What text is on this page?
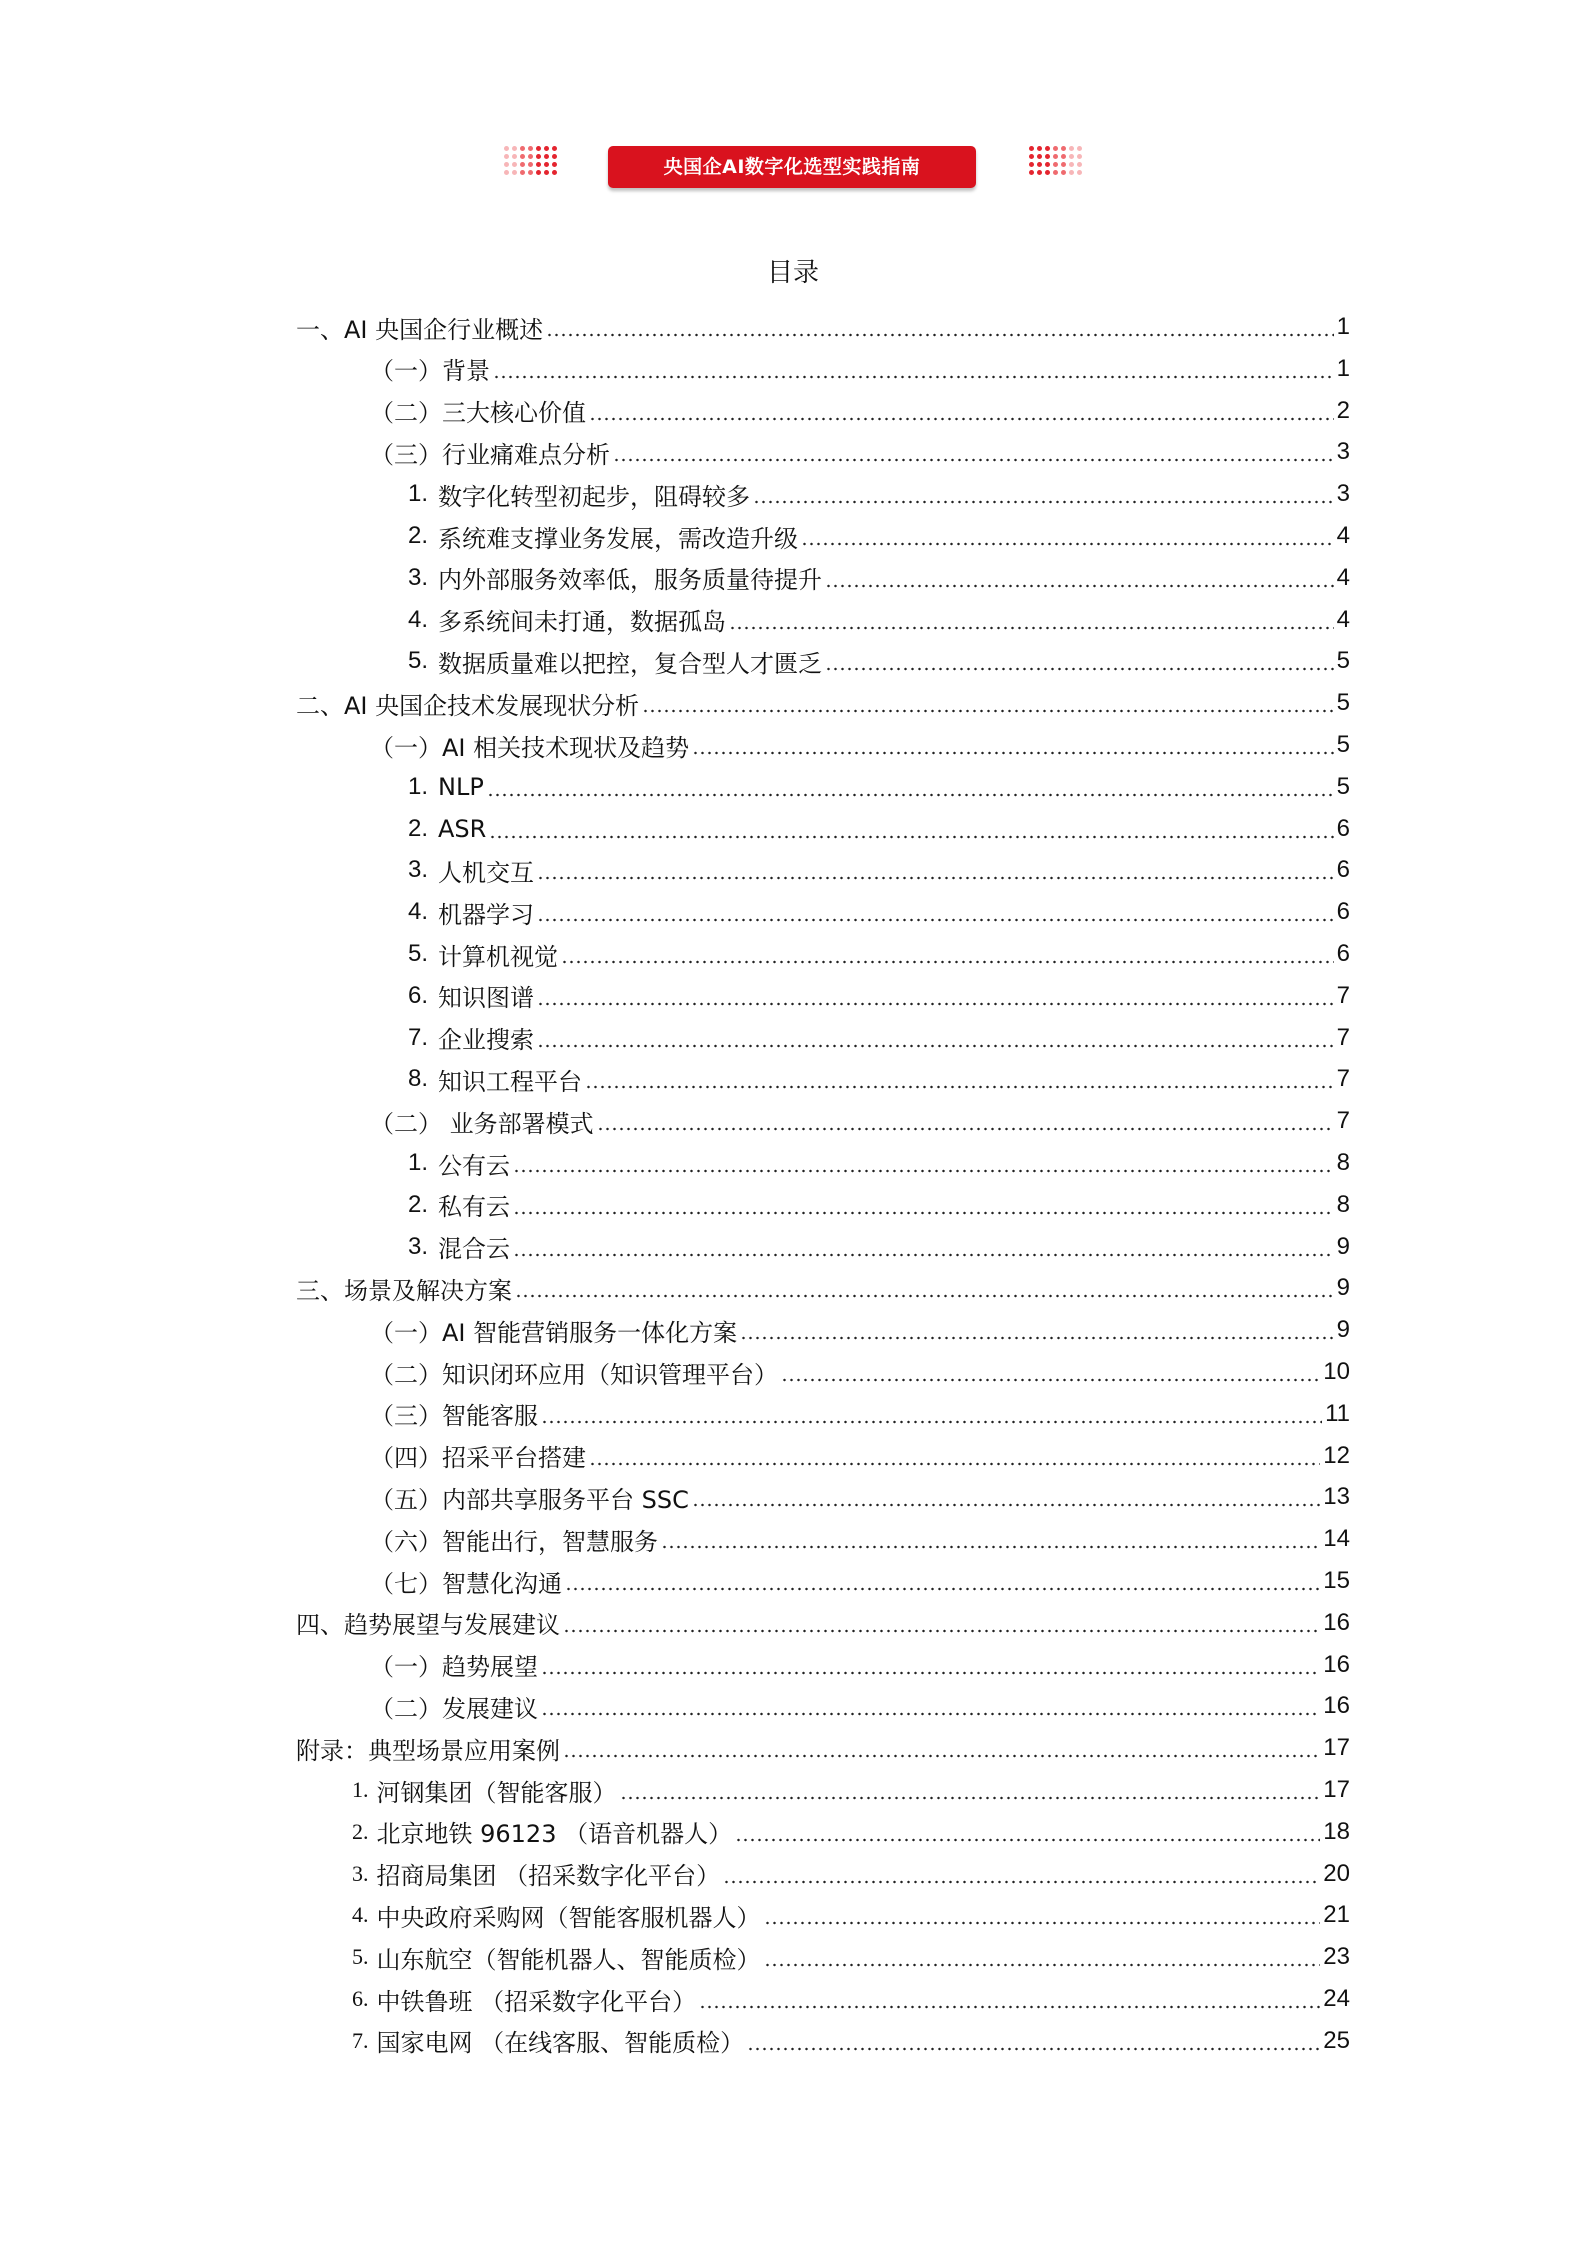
央国企AI数字化选型实践指南
目录
一、AI 央国企行业概述	1
（一）背景	1
（二）三大核心价值	2
（三）行业痛难点分析	3
1. 数字化转型初起步，阻碍较多	3
2. 系统难支撑业务发展，需改造升级	4
3. 内外部服务效率低，服务质量待提升	4
4. 多系统间未打通，数据孤岛	4
5. 数据质量难以把控，复合型人才匮乏	5
二、AI 央国企技术发展现状分析	5
（一）AI 相关技术现状及趋势	5
1. NLP	5
2. ASR	6
3. 人机交互	6
4. 机器学习	6
5. 计算机视觉	6
6. 知识图谱	7
7. 企业搜索	7
8. 知识工程平台	7
（二） 业务部署模式	7
1. 公有云	8
2. 私有云	8
3. 混合云	9
三、场景及解决方案	9
（一）AI 智能营销服务一体化方案	9
（二）知识闭环应用（知识管理平台）	10
（三）智能客服	11
（四）招采平台搭建	12
（五）内部共享服务平台 SSC	13
（六）智能出行，智慧服务	14
（七）智慧化沟通	15
四、趋势展望与发展建议	16
（一）趋势展望	16
（二）发展建议	16
附录：典型场景应用案例	17
1. 河钢集团（智能客服）	17
2. 北京地铁 96123 （语音机器人）	18
3. 招商局集团 （招采数字化平台）	20
4. 中央政府采购网（智能客服机器人）	21
5. 山东航空（智能机器人、智能质检）	23
6. 中铁鲁班 （招采数字化平台）	24
7. 国家电网 （在线客服、智能质检）	25
